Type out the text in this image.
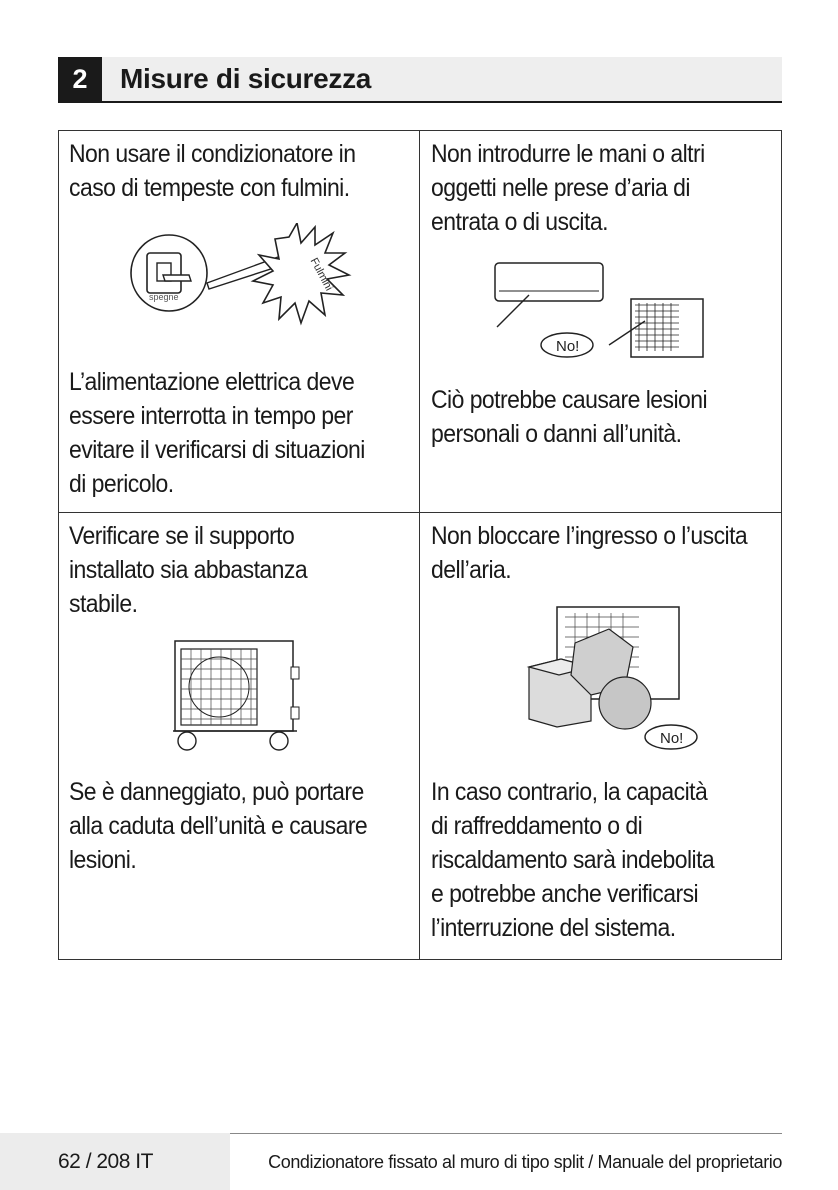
2	Misure di sicurezza
Non usare il condizionatore in
caso di tempeste con fulmini.
spegne
Fulmini
L’alimentazione elettrica deve
essere interrotta in tempo per
evitare il verificarsi di situazioni
di pericolo.
Non introdurre le mani o altri
oggetti nelle prese d’aria di
entrata o di uscita.
No!
Ciò potrebbe causare lesioni
personali o danni all’unità.
Verificare se il supporto
installato sia abbastanza
stabile.
Se è danneggiato, può portare
alla caduta dell’unità e causare
lesioni.
Non bloccare l’ingresso o l’uscita
dell’aria.
No!
In caso contrario, la capacità
di raffreddamento o di
riscaldamento sarà indebolita
e potrebbe anche verificarsi
l’interruzione del sistema.
62 / 208 IT	Condizionatore fissato al muro di tipo split / Manuale del proprietario
